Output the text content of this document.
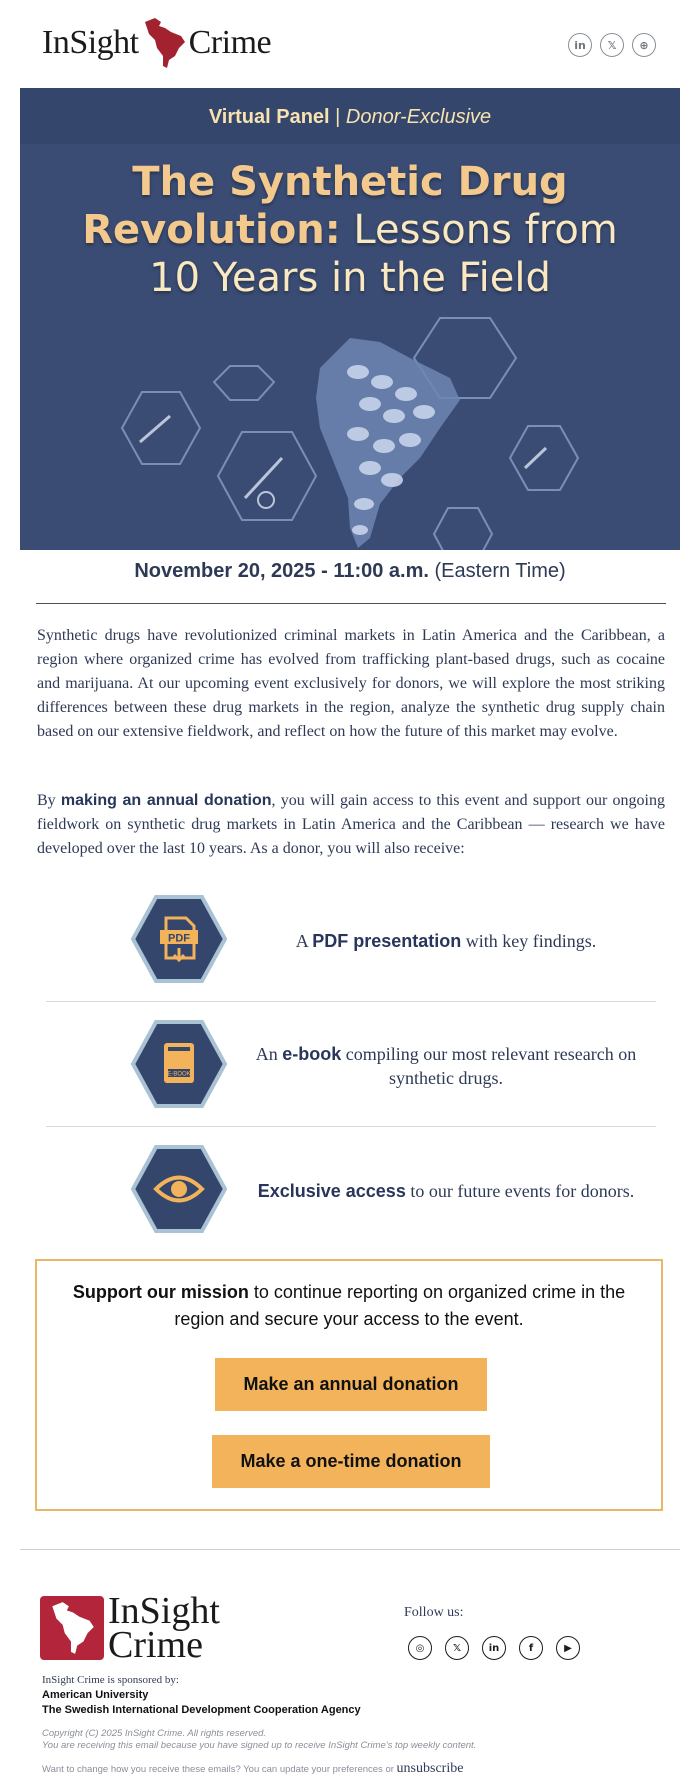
InSight Crime	in	𝕏	⊕
Virtual Panel | Donor-Exclusive
The Synthetic Drug
Revolution: Lessons from
10 Years in the Field
November 20, 2025 - 11:00 a.m. (Eastern Time)
Synthetic drugs have revolutionized criminal markets in Latin America and the Caribbean, a region where organized crime has evolved from trafficking plant-based drugs, such as cocaine and marijuana. At our upcoming event exclusively for donors, we will explore the most striking differences between these drug markets in the region, analyze the synthetic drug supply chain based on our extensive fieldwork, and reflect on how the future of this market may evolve.
By making an annual donation, you will gain access to this event and support our ongoing fieldwork on synthetic drug markets in Latin America and the Caribbean — research we have developed over the last 10 years. As a donor, you will also receive:
PDF	A PDF presentation with key findings.
E-BOOK
An e-book compiling our most relevant research on synthetic drugs.
Exclusive access to our future events for donors.
Support our mission to continue reporting on organized crime in the region and secure your access to the event.
Make an annual donation
Make a one-time donation
InSight
Crime
Follow us:
◎	𝕏	in	f	▶
InSight Crime is sponsored by:
American University
The Swedish International Development Cooperation Agency
Copyright (C) 2025 InSight Crime. All rights reserved.
You are receiving this email because you have signed up to receive InSight Crime's top weekly content.
Want to change how you receive these emails? You can update your preferences or unsubscribe
